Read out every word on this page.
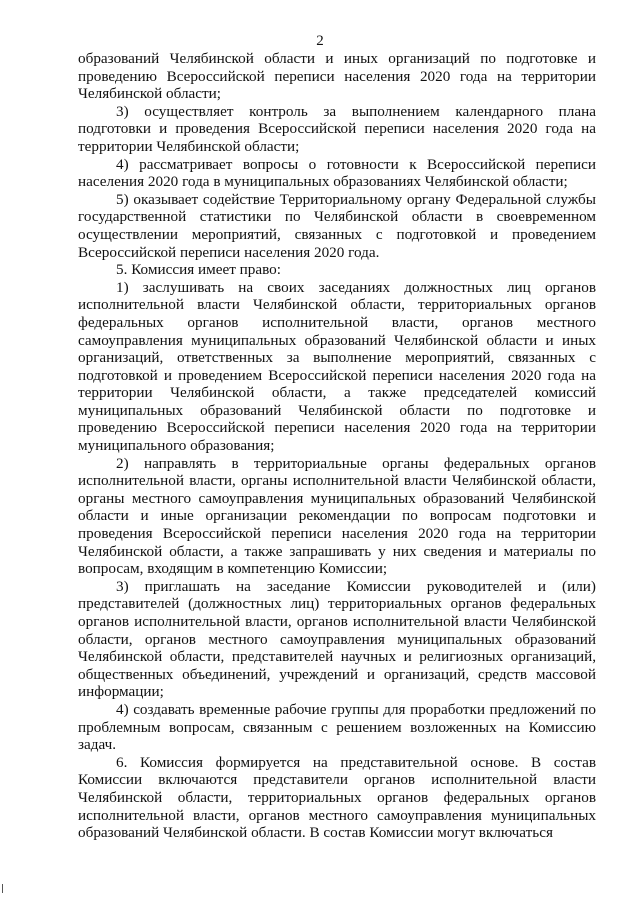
2

образований Челябинской области и иных организаций по подготовке и проведению Всероссийской переписи населения 2020 года на территории Челябинской области;

3) осуществляет контроль за выполнением календарного плана подготовки и проведения Всероссийской переписи населения 2020 года на территории Челябинской области;

4) рассматривает вопросы о готовности к Всероссийской переписи населения 2020 года в муниципальных образованиях Челябинской области;

5) оказывает содействие Территориальному органу Федеральной службы государственной статистики по Челябинской области в своевременном осуществлении мероприятий, связанных с подготовкой и проведением Всероссийской переписи населения 2020 года.

5. Комиссия имеет право:

1) заслушивать на своих заседаниях должностных лиц органов исполнительной власти Челябинской области, территориальных органов федеральных органов исполнительной власти, органов местного самоуправления муниципальных образований Челябинской области и иных организаций, ответственных за выполнение мероприятий, связанных с подготовкой и проведением Всероссийской переписи населения 2020 года на территории Челябинской области, а также председателей комиссий муниципальных образований Челябинской области по подготовке и проведению Всероссийской переписи населения 2020 года на территории муниципального образования;

2) направлять в территориальные органы федеральных органов исполнительной власти, органы исполнительной власти Челябинской области, органы местного самоуправления муниципальных образований Челябинской области и иные организации рекомендации по вопросам подготовки и проведения Всероссийской переписи населения 2020 года на территории Челябинской области, а также запрашивать у них сведения и материалы по вопросам, входящим в компетенцию Комиссии;

3) приглашать на заседание Комиссии руководителей и (или) представителей (должностных лиц) территориальных органов федеральных органов исполнительной власти, органов исполнительной власти Челябинской области, органов местного самоуправления муниципальных образований Челябинской области, представителей научных и религиозных организаций, общественных объединений, учреждений и организаций, средств массовой информации;

4) создавать временные рабочие группы для проработки предложений по проблемным вопросам, связанным с решением возложенных на Комиссию задач.

6. Комиссия формируется на представительной основе. В состав Комиссии включаются представители органов исполнительной власти Челябинской области, территориальных органов федеральных органов исполнительной власти, органов местного самоуправления муниципальных образований Челябинской области. В состав Комиссии могут включаться
